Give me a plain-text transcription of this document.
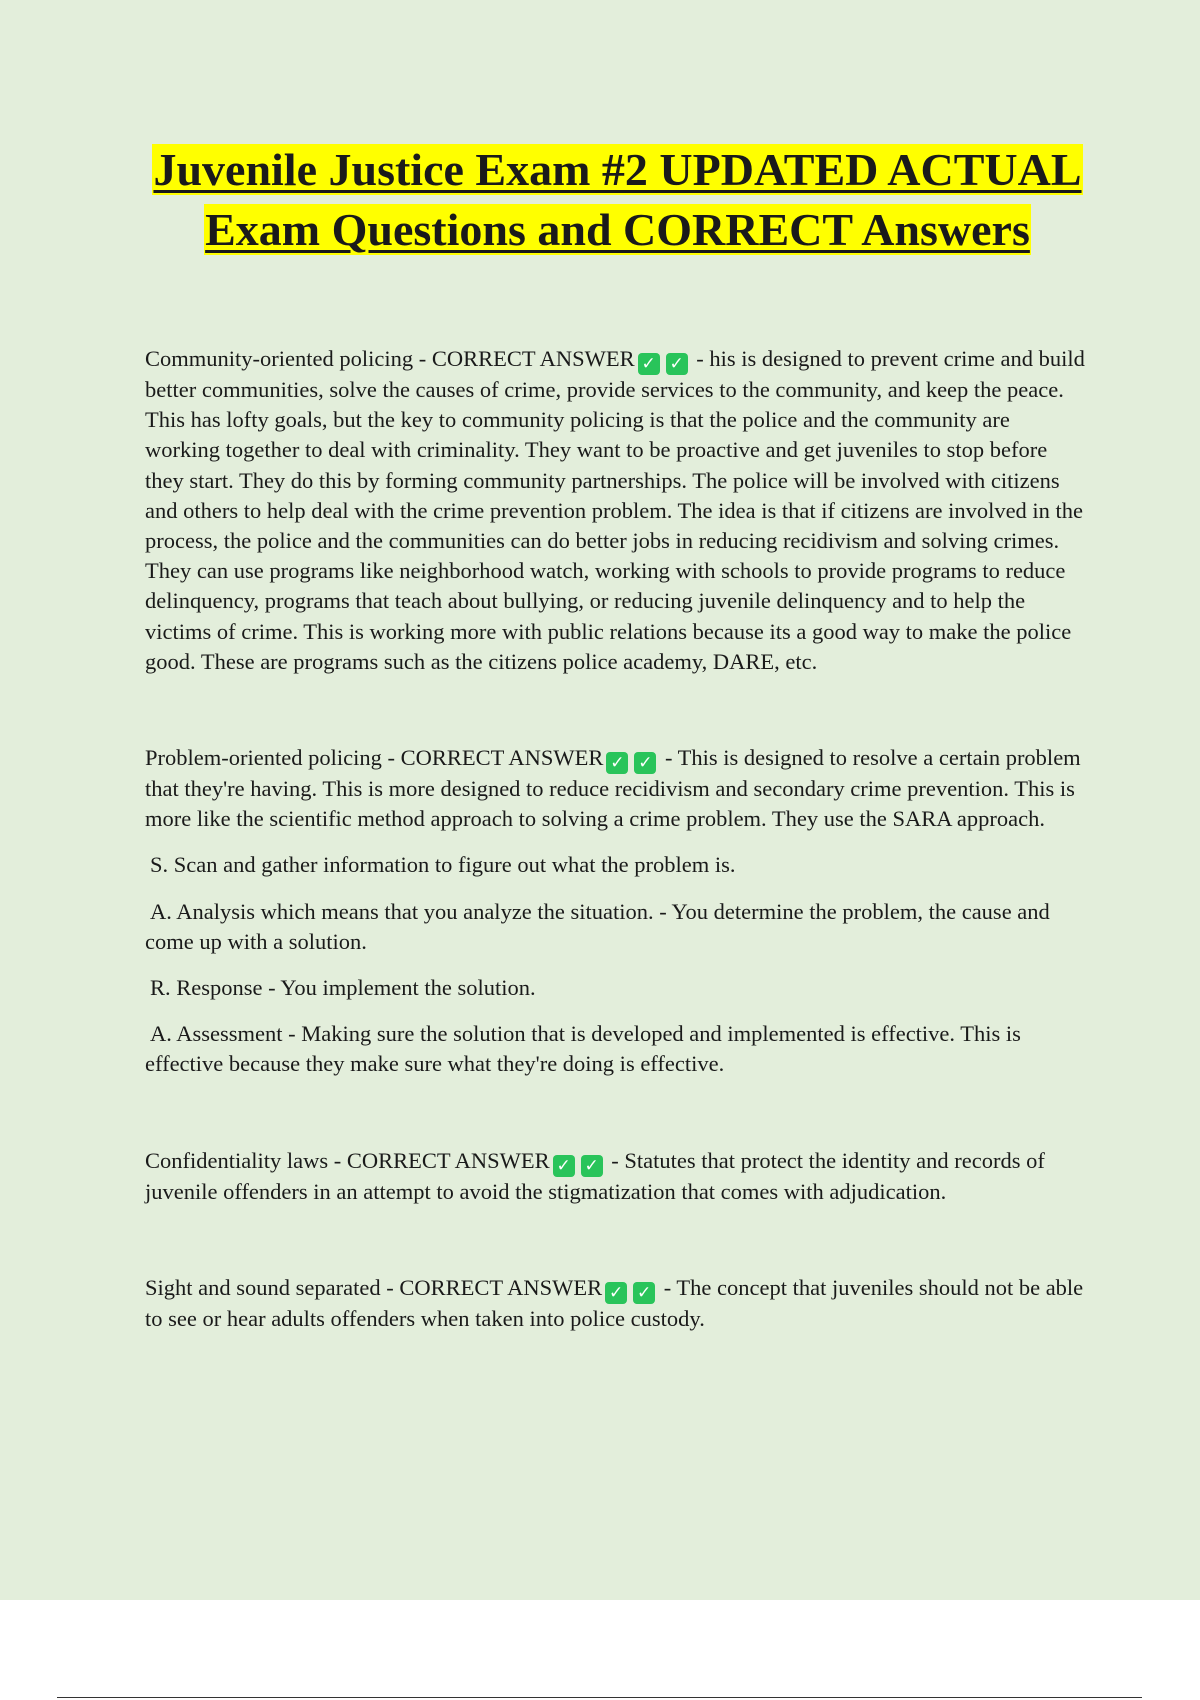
Juvenile Justice Exam #2 UPDATED ACTUAL Exam Questions and CORRECT Answers

Community-oriented policing - CORRECT ANSWER ✓ ✓ - his is designed to prevent crime and build better communities, solve the causes of crime, provide services to the community, and keep the peace. This has lofty goals, but the key to community policing is that the police and the community are working together to deal with criminality. They want to be proactive and get juveniles to stop before they start. They do this by forming community partnerships. The police will be involved with citizens and others to help deal with the crime prevention problem. The idea is that if citizens are involved in the process, the police and the communities can do better jobs in reducing recidivism and solving crimes. They can use programs like neighborhood watch, working with schools to provide programs to reduce delinquency, programs that teach about bullying, or reducing juvenile delinquency and to help the victims of crime. This is working more with public relations because its a good way to make the police good. These are programs such as the citizens police academy, DARE, etc.

Problem-oriented policing - CORRECT ANSWER ✓ ✓ - This is designed to resolve a certain problem that they're having. This is more designed to reduce recidivism and secondary crime prevention. This is more like the scientific method approach to solving a crime problem. They use the SARA approach.

S. Scan and gather information to figure out what the problem is.

A. Analysis which means that you analyze the situation. - You determine the problem, the cause and come up with a solution.

R. Response - You implement the solution.

A. Assessment - Making sure the solution that is developed and implemented is effective. This is effective because they make sure what they're doing is effective.

Confidentiality laws - CORRECT ANSWER ✓ ✓ - Statutes that protect the identity and records of juvenile offenders in an attempt to avoid the stigmatization that comes with adjudication.

Sight and sound separated - CORRECT ANSWER ✓ ✓ - The concept that juveniles should not be able to see or hear adults offenders when taken into police custody.
